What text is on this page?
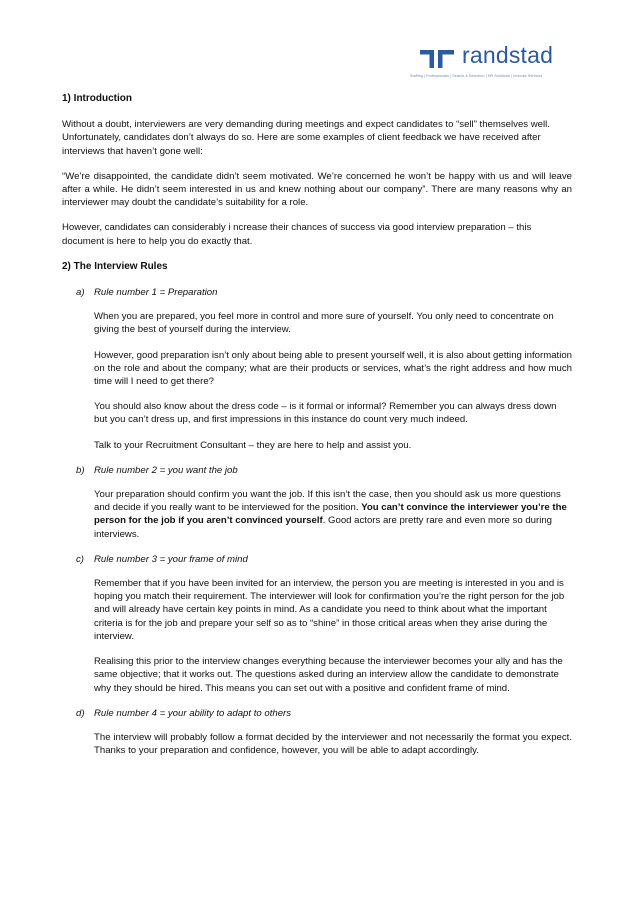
randstad
Staffing | Professionals | Search & Selection | HR Solutions | Inhouse Services
1) Introduction
Without a doubt, interviewers are very demanding during meetings and expect candidates to “sell” themselves well. Unfortunately, candidates don’t always do so. Here are some examples of client feedback we have received after interviews that haven’t gone well:
“We’re disappointed, the candidate didn’t seem motivated. We’re concerned he won’t be happy with us and will leave after a while. He didn’t seem interested in us and knew nothing about our company”. There are many reasons why an interviewer may doubt the candidate’s suitability for a role.
However, candidates can considerably i ncrease their chances of success via good interview preparation – this document is here to help you do exactly that.
2) The Interview Rules
a) Rule number 1 = Preparation
When you are prepared, you feel more in control and more sure of yourself. You only need to concentrate on giving the best of yourself during the interview.
However, good preparation isn’t only about being able to present yourself well, it is also about getting information on the role and about the company; what are their products or services, what’s the right address and how much time will I need to get there?
You should also know about the dress code – is it formal or informal? Remember you can always dress down but you can’t dress up, and first impressions in this instance do count very much indeed.
Talk to your Recruitment Consultant – they are here to help and assist you.
b) Rule number 2 = you want the job
Your preparation should confirm you want the job. If this isn’t the case, then you should ask us more questions and decide if you really want to be interviewed for the position. You can’t convince the interviewer you’re the person for the job if you aren’t convinced yourself. Good actors are pretty rare and even more so during interviews.
c) Rule number 3 = your frame of mind
Remember that if you have been invited for an interview, the person you are meeting is interested in you and is hoping you match their requirement. The interviewer will look for confirmation you’re the right person for the job and will already have certain key points in mind. As a candidate you need to think about what the important criteria is for the job and prepare your self so as to “shine” in those critical areas when they arise during the interview.
Realising this prior to the interview changes everything because the interviewer becomes your ally and has the same objective; that it works out. The questions asked during an interview allow the candidate to demonstrate why they should be hired. This means you can set out with a positive and confident frame of mind.
d) Rule number 4 = your ability to adapt to others
The interview will probably follow a format decided by the interviewer and not necessarily the format you expect. Thanks to your preparation and confidence, however, you will be able to adapt accordingly.
